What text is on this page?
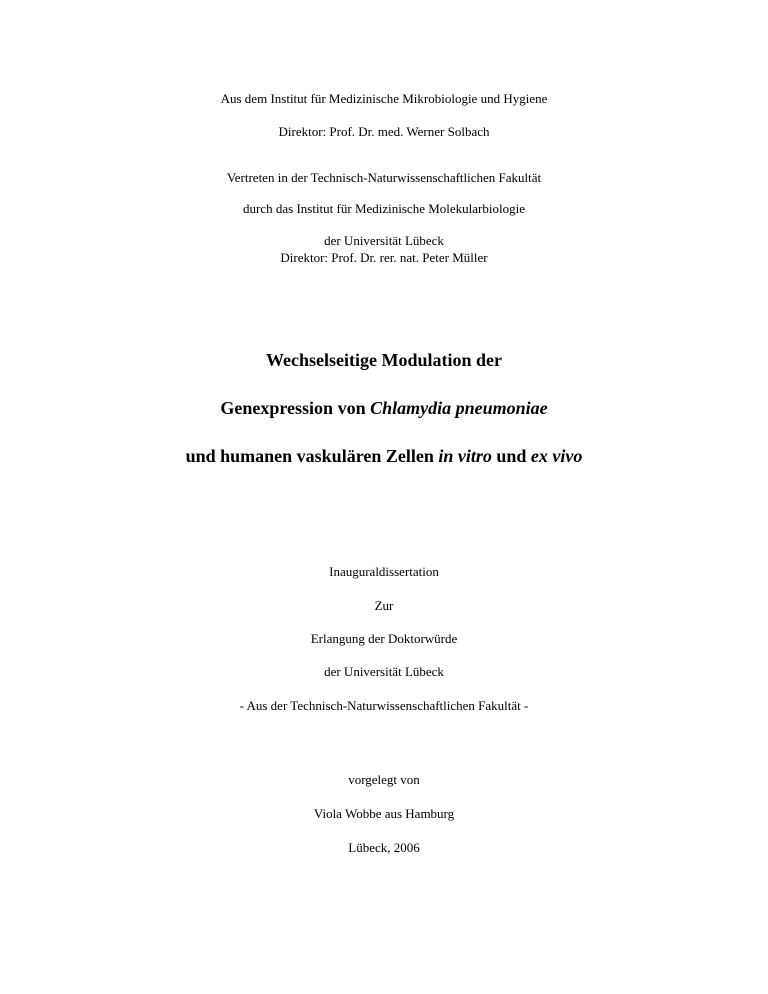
Aus dem Institut für Medizinische Mikrobiologie und Hygiene
Direktor: Prof. Dr. med. Werner Solbach
Vertreten in der Technisch-Naturwissenschaftlichen Fakultät
durch das Institut für Medizinische Molekularbiologie
der Universität Lübeck
Direktor: Prof. Dr. rer. nat. Peter Müller
Wechselseitige Modulation der
Genexpression von Chlamydia pneumoniae
und humanen vaskulären Zellen in vitro und ex vivo
Inauguraldissertation
Zur
Erlangung der Doktorwürde
der Universität Lübeck
- Aus der Technisch-Naturwissenschaftlichen Fakultät -
vorgelegt von
Viola Wobbe aus Hamburg
Lübeck, 2006
